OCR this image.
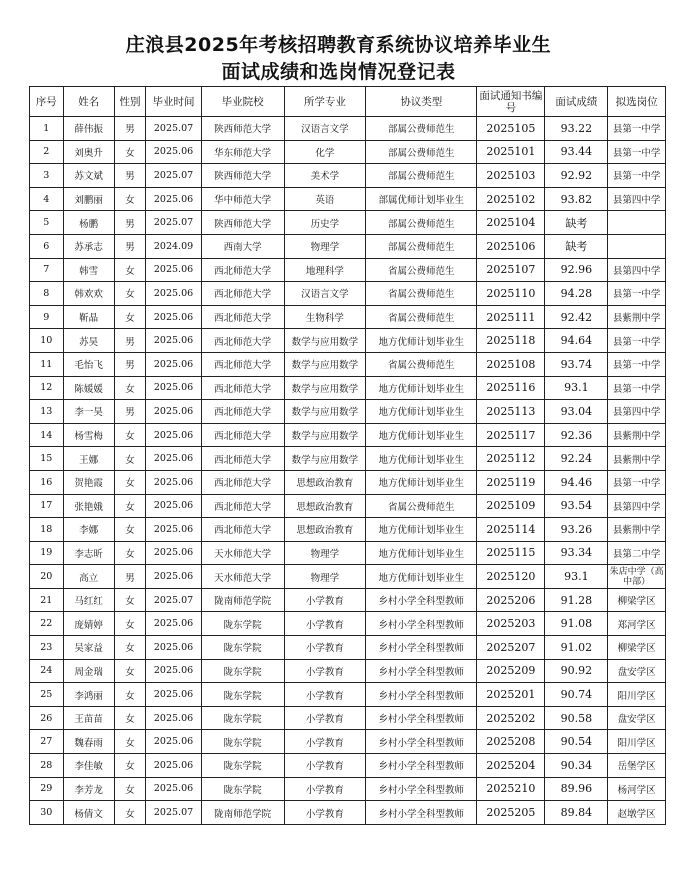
庄浪县2025年考核招聘教育系统协议培养毕业生
面试成绩和选岗情况登记表
序号	姓名	性别	毕业时间	毕业院校	所学专业	协议类型	面试通知书编号	面试成绩	拟选岗位
1	薛伟振	男	2025.07	陕西师范大学	汉语言文学	部属公费师范生	2025105	93.22	县第一中学
2	刘奥升	女	2025.06	华东师范大学	化学	部属公费师范生	2025101	93.44	县第一中学
3	苏文斌	男	2025.07	陕西师范大学	美术学	部属公费师范生	2025103	92.92	县第一中学
4	刘鹏丽	女	2025.06	华中师范大学	英语	部属优师计划毕业生	2025102	93.82	县第四中学
5	杨鹏	男	2025.07	陕西师范大学	历史学	部属公费师范生	2025104	缺考	
6	苏承志	男	2024.09	西南大学	物理学	部属公费师范生	2025106	缺考	
7	韩雪	女	2025.06	西北师范大学	地理科学	省属公费师范生	2025107	92.96	县第四中学
8	韩欢欢	女	2025.06	西北师范大学	汉语言文学	省属公费师范生	2025110	94.28	县第一中学
9	靳晶	女	2025.06	西北师范大学	生物科学	省属公费师范生	2025111	92.42	县紫荆中学
10	苏昊	男	2025.06	西北师范大学	数学与应用数学	地方优师计划毕业生	2025118	94.64	县第一中学
11	毛怡飞	男	2025.06	西北师范大学	数学与应用数学	省属公费师范生	2025108	93.74	县第一中学
12	陈媛媛	女	2025.06	西北师范大学	数学与应用数学	地方优师计划毕业生	2025116	93.1	县第一中学
13	李一昊	男	2025.06	西北师范大学	数学与应用数学	地方优师计划毕业生	2025113	93.04	县第四中学
14	杨雪梅	女	2025.06	西北师范大学	数学与应用数学	地方优师计划毕业生	2025117	92.36	县紫荆中学
15	王娜	女	2025.06	西北师范大学	数学与应用数学	地方优师计划毕业生	2025112	92.24	县紫荆中学
16	贺艳霞	女	2025.06	西北师范大学	思想政治教育	地方优师计划毕业生	2025119	94.46	县第一中学
17	张艳娥	女	2025.06	西北师范大学	思想政治教育	省属公费师范生	2025109	93.54	县第四中学
18	李娜	女	2025.06	西北师范大学	思想政治教育	地方优师计划毕业生	2025114	93.26	县紫荆中学
19	李志昕	女	2025.06	天水师范大学	物理学	地方优师计划毕业生	2025115	93.34	县第二中学
20	高立	男	2025.06	天水师范大学	物理学	地方优师计划毕业生	2025120	93.1	朱店中学（高中部）
21	马红红	女	2025.07	陇南师范学院	小学教育	乡村小学全科型教师	2025206	91.28	柳梁学区
22	庞婧婷	女	2025.06	陇东学院	小学教育	乡村小学全科型教师	2025203	91.08	郑河学区
23	吴家益	女	2025.06	陇东学院	小学教育	乡村小学全科型教师	2025207	91.02	柳梁学区
24	周金瑞	女	2025.06	陇东学院	小学教育	乡村小学全科型教师	2025209	90.92	盘安学区
25	李鸿丽	女	2025.06	陇东学院	小学教育	乡村小学全科型教师	2025201	90.74	阳川学区
26	王苗苗	女	2025.06	陇东学院	小学教育	乡村小学全科型教师	2025202	90.58	盘安学区
27	魏春雨	女	2025.06	陇东学院	小学教育	乡村小学全科型教师	2025208	90.54	阳川学区
28	李佳敏	女	2025.06	陇东学院	小学教育	乡村小学全科型教师	2025204	90.34	岳堡学区
29	李芳龙	女	2025.06	陇东学院	小学教育	乡村小学全科型教师	2025210	89.96	杨河学区
30	杨倩文	女	2025.07	陇南师范学院	小学教育	乡村小学全科型教师	2025205	89.84	赵墩学区
